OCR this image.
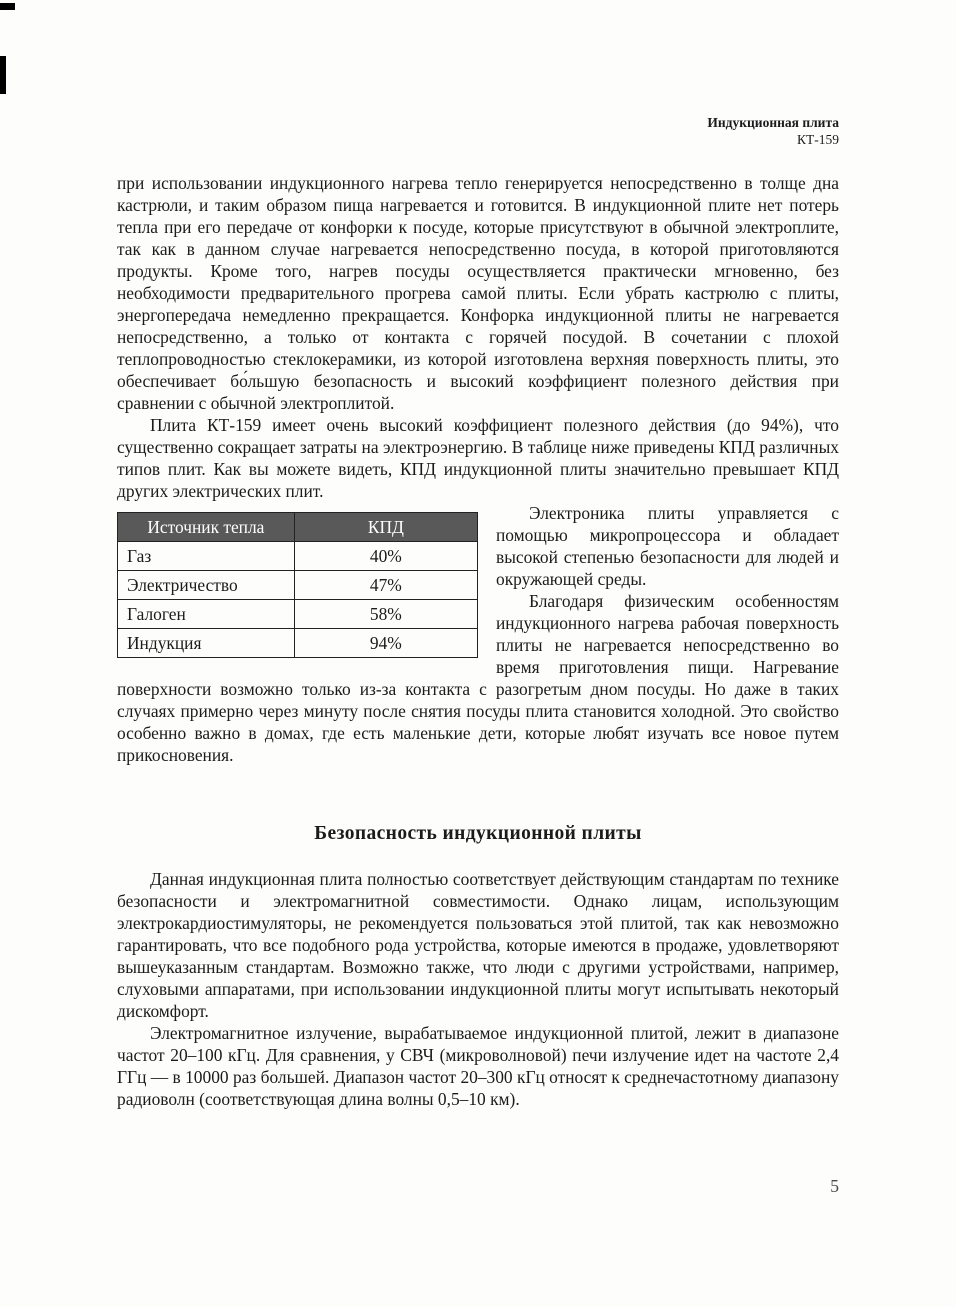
Индукционная плита
КТ-159

при использовании индукционного нагрева тепло генерируется непосредственно в толще дна кастрюли, и таким образом пища нагревается и готовится. В индукционной плите нет потерь тепла при его передаче от конфорки к посуде, которые присутствуют в обычной электроплите, так как в данном случае нагревается непосредственно посуда, в которой приготовляются продукты. Кроме того, нагрев посуды осуществляется практически мгновенно, без необходимости предварительного прогрева самой плиты. Если убрать кастрюлю с плиты, энергопередача немедленно прекращается. Конфорка индукционной плиты не нагревается непосредственно, а только от контакта с горячей посудой. В сочетании с плохой теплопроводностью стеклокерамики, из которой изготовлена верхняя поверхность плиты, это обеспечивает бо́льшую безопасность и высокий коэффициент полезного действия при сравнении с обычной электроплитой.

Плита КТ-159 имеет очень высокий коэффициент полезного действия (до 94%), что существенно сокращает затраты на электроэнергию. В таблице ниже приведены КПД различных типов плит. Как вы можете видеть, КПД индукционной плиты значительно превышает КПД других электрических плит.

Источник тепла	КПД
Газ	40%
Электричество	47%
Галоген	58%
Индукция	94%

Электроника плиты управляется с помощью микропроцессора и обладает высокой степенью безопасности для людей и окружающей среды.

Благодаря физическим особенностям индукционного нагрева рабочая поверхность плиты не нагревается непосредственно во время приготовления пищи. Нагревание поверхности возможно только из-за контакта с разогретым дном посуды. Но даже в таких случаях примерно через минуту после снятия посуды плита становится холодной. Это свойство особенно важно в домах, где есть маленькие дети, которые любят изучать все новое путем прикосновения.

Безопасность индукционной плиты

Данная индукционная плита полностью соответствует действующим стандартам по технике безопасности и электромагнитной совместимости. Однако лицам, использующим электрокардиостимуляторы, не рекомендуется пользоваться этой плитой, так как невозможно гарантировать, что все подобного рода устройства, которые имеются в продаже, удовлетворяют вышеуказанным стандартам. Возможно также, что люди с другими устройствами, например, слуховыми аппаратами, при использовании индукционной плиты могут испытывать некоторый дискомфорт.

Электромагнитное излучение, вырабатываемое индукционной плитой, лежит в диапазоне частот 20–100 кГц. Для сравнения, у СВЧ (микроволновой) печи излучение идет на частоте 2,4 ГГц — в 10000 раз большей. Диапазон частот 20–300 кГц относят к среднечастотному диапазону радиоволн (соответствующая длина волны 0,5–10 км).

5
